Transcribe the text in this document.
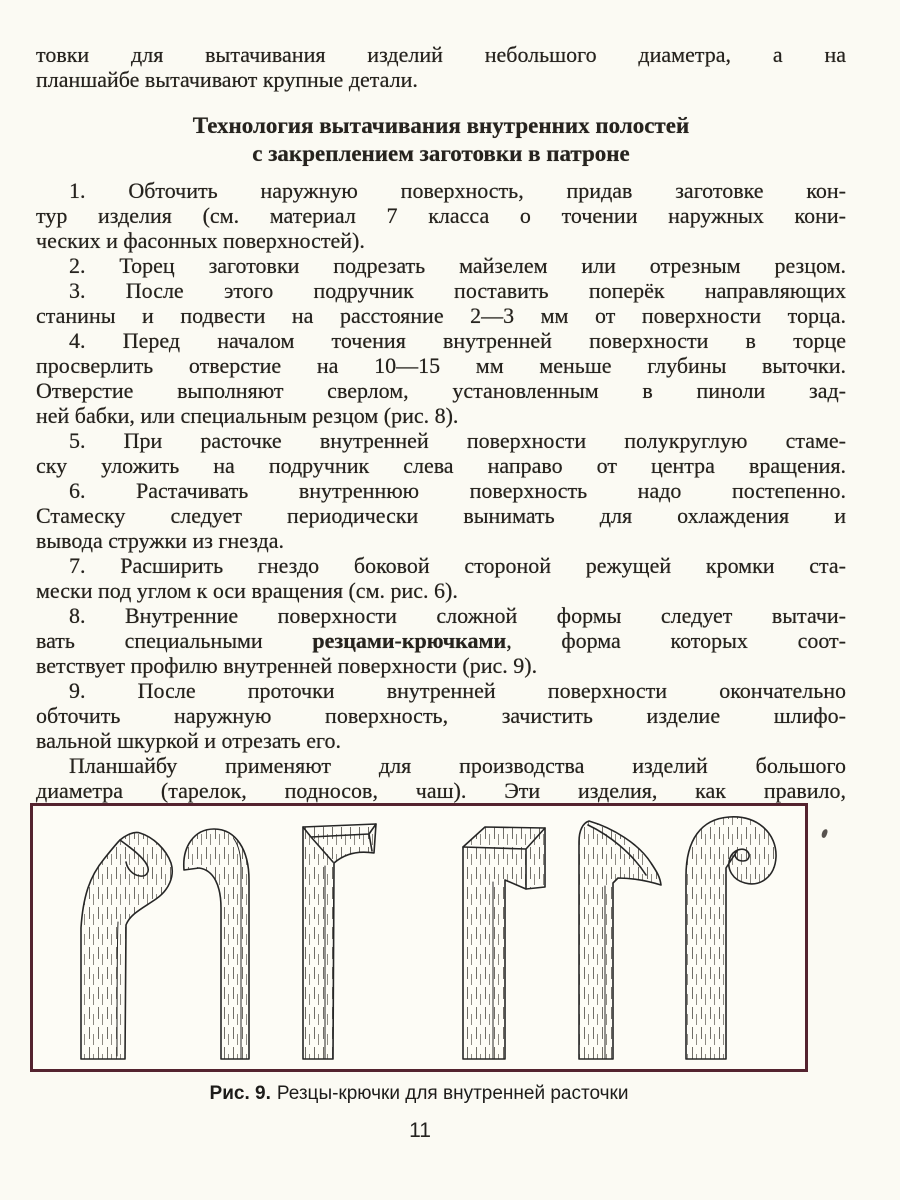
товки для вытачивания изделий небольшого диаметра, а на
планшайбе вытачивают крупные детали.

Технология вытачивания внутренних полостей
с закреплением заготовки в патроне

1. Обточить наружную поверхность, придав заготовке кон-
тур изделия (см. материал 7 класса о точении наружных кони-
ческих и фасонных поверхностей).

2. Торец заготовки подрезать майзелем или отрезным резцом.

3. После этого подручник поставить поперёк направляющих
станины и подвести на расстояние 2—3 мм от поверхности торца.

4. Перед началом точения внутренней поверхности в торце
просверлить отверстие на 10—15 мм меньше глубины выточки.
Отверстие выполняют сверлом, установленным в пиноли зад-
ней бабки, или специальным резцом (рис. 8).

5. При расточке внутренней поверхности полукруглую стаме-
ску уложить на подручник слева направо от центра вращения.

6. Растачивать внутреннюю поверхность надо постепенно.
Стамеску следует периодически вынимать для охлаждения и
вывода стружки из гнезда.

7. Расширить гнездо боковой стороной режущей кромки ста-
мески под углом к оси вращения (см. рис. 6).

8. Внутренние поверхности сложной формы следует вытачи-
вать специальными резцами-крючками, форма которых соот-
ветствует профилю внутренней поверхности (рис. 9).

9. После проточки внутренней поверхности окончательно
обточить наружную поверхность, зачистить изделие шлифо-
вальной шкуркой и отрезать его.

Планшайбу применяют для производства изделий большого
диаметра (тарелок, подносов, чаш). Эти изделия, как правило,

Рис. 9. Резцы-крючки для внутренней расточки
11
